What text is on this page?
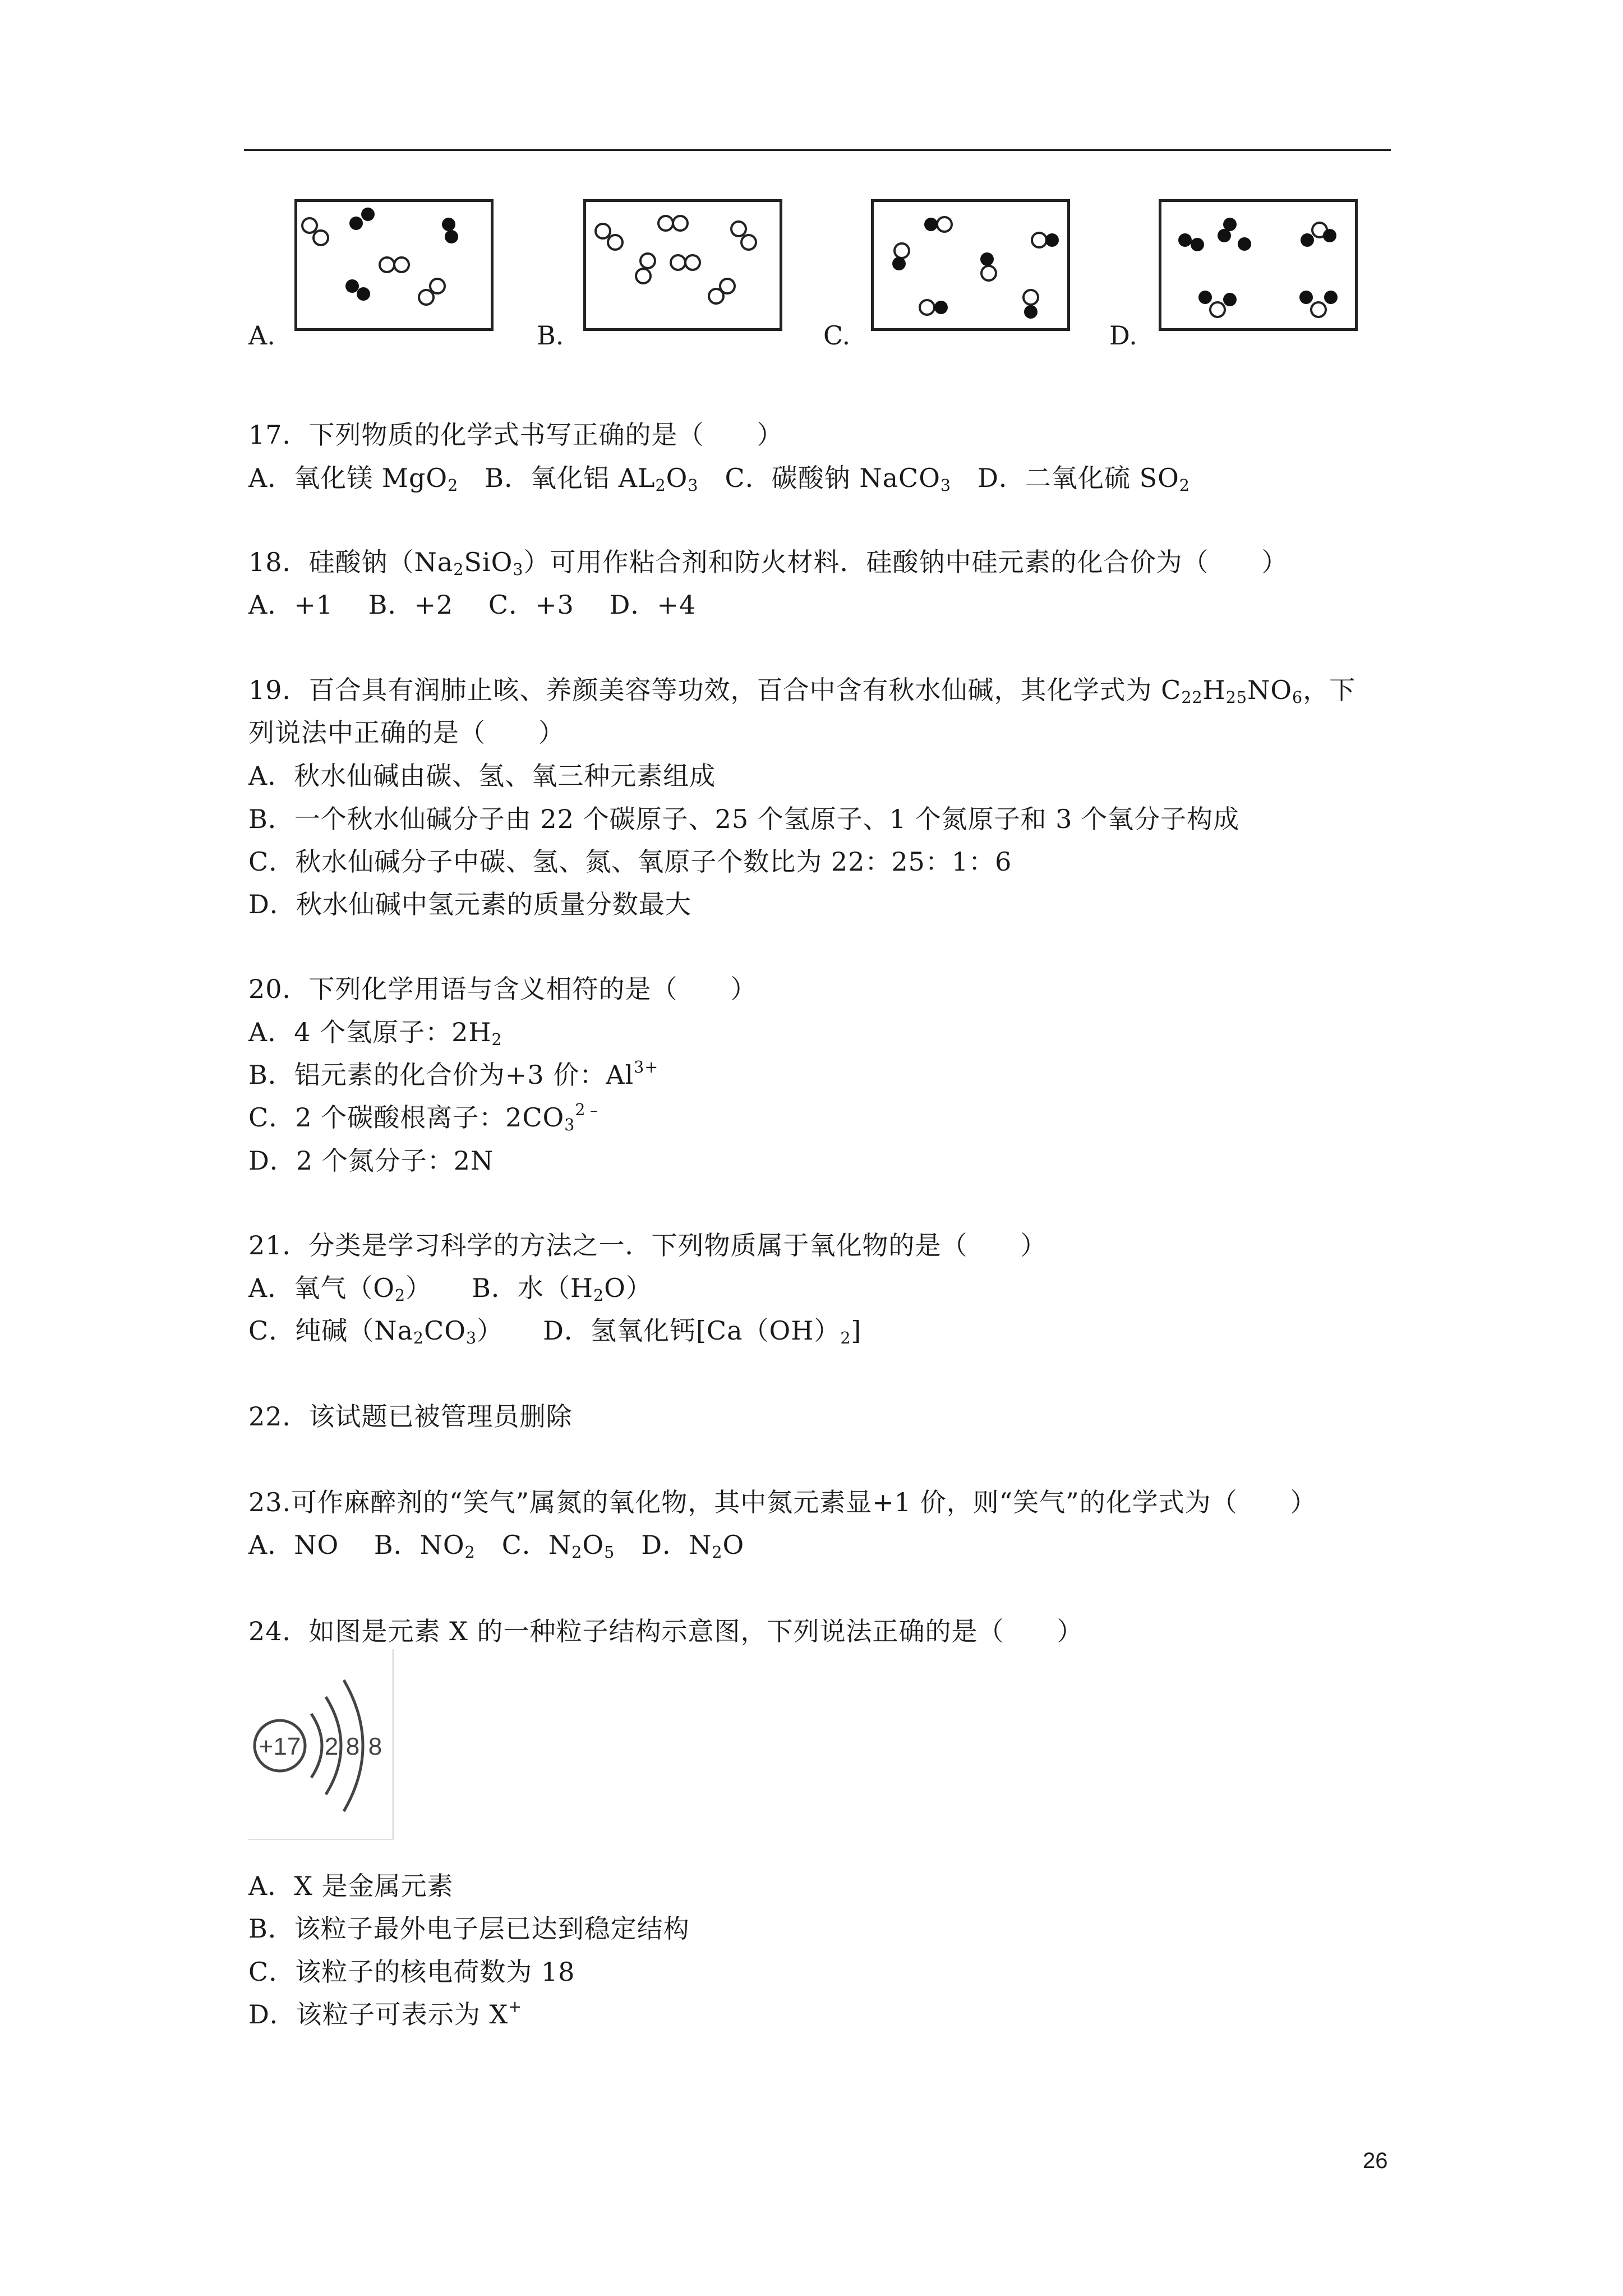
A.	B.	C.	D.
17．下列物质的化学式书写正确的是（　　）
A．氧化镁 MgO$_2$　B．氧化铝 $AL_2O_3$　C．碳酸钠 NaCO$_3$　D．二氧化硫 $SO_2$
18．硅酸钠$(Na_2SiO_3)$可用作粘合剂和防火材料．硅酸钠中硅元素的化合价为（　　）
A．+1　 B．+2　 C．+3　 D．+4
19．百合具有润肺止咳、养颜美容等功效，百合中含有秋水仙碱，其化学式为 $C_{22}H_{25}NO_6$，下
列说法中正确的是（　　）
A．秋水仙碱由碳、氢、氧三种元素组成
B．一个秋水仙碱分子由 22 个碳原子、25 个氢原子、1 个氮原子和 3 个氧分子构成
C．秋水仙碱分子中碳、氢、氮、氧原子个数比为 22：25：1：6
D．秋水仙碱中氢元素的质量分数最大
20．下列化学用语与含义相符的是（　　）
A．4 个氢原子：$2H_2$
B．铝元素的化合价为+3 价：$Al^{3+}$
C．2 个碳酸根离子：$2CO_3^{2﹣}$
D．2 个氮分子：2N
21．分类是学习科学的方法之一．下列物质属于氧化物的是（　　）
A．氧气$(O_2)$　　B．水$(H_2O)$
C．纯碱$(Na_2CO_3)$　　D．氢氧化钙$[Ca(OH)_2]$
22．该试题已被管理员删除
23.可作麻醉剂的“笑气”属氮的氧化物，其中氮元素显+1 价，则“笑气”的化学式为（　　）
A．NO　 B．$NO_2$　C．$N_2O_5$　D．$N_2O$
24．如图是元素 X 的一种粒子结构示意图，下列说法正确的是（　　）
+17 2 8 8
A．X 是金属元素
B．该粒子最外电子层已达到稳定结构
C．该粒子的核电荷数为 18
D．该粒子可表示为 X+
26
